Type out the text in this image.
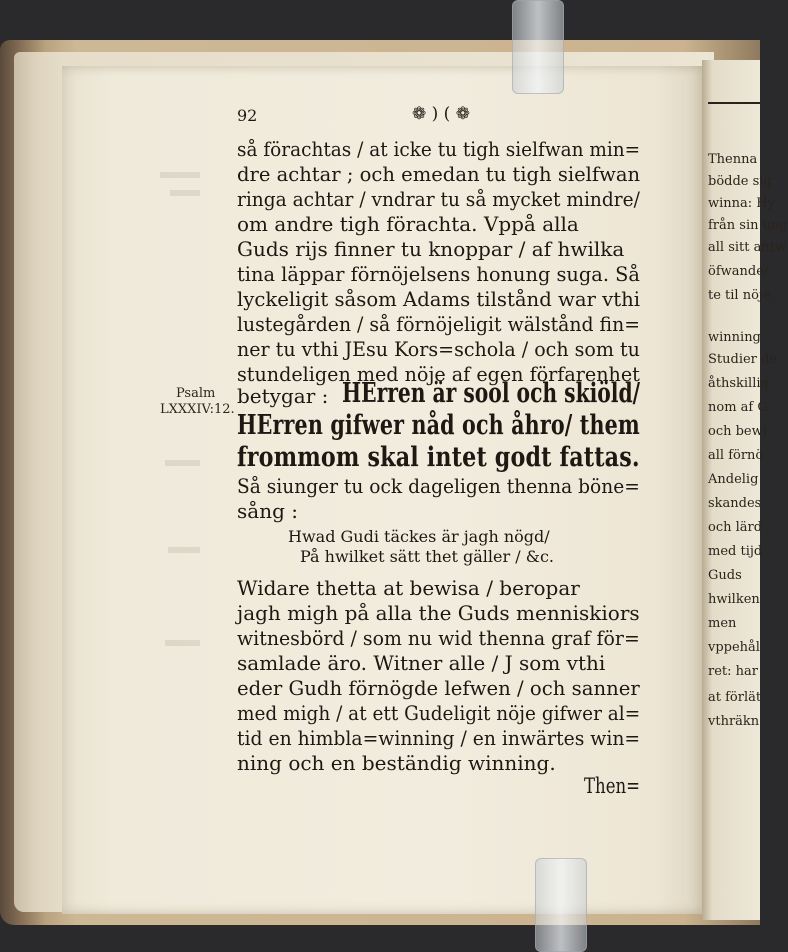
92	❁ ) ( ❁
så förachtas / at icke tu tigh sielfwan min=
dre achtar ; och emedan tu tigh sielfwan
ringa achtar / vndrar tu så mycket mindre/
om andre tigh förachta. Vppå alla
Guds rijs finner tu knoppar / af hwilka
tina läppar förnöjelsens honung suga. Så
lyckeligit såsom Adams tilstånd war vthi
lustegården / så förnöjeligit wälstånd fin=
ner tu vthi JEsu Kors=schola / och som tu
stundeligen med nöje af egen förfarenhet
Psalm
LXXXIV:12.
betygar : HErren är sool och skiöld/
HErren gifwer nåd och åhro/ them
frommom skal intet godt fattas.
Så siunger tu ock dageligen thenna böne=
sång :
Hwad Gudi täckes är jagh nögd/
På hwilket sätt thet gäller / &c.
Widare thetta at bewisa / beropar
jagh migh på alla the Guds menniskiors
witnesbörd / som nu wid thenna graf för=
samlade äro. Witner alle / J som vthi
eder Gudh förnögde lefwen / och sanner
med migh / at ett Gudeligit nöje gifwer al=
tid en himbla=winning / en inwärtes win=
ning och en beständig winning.
Then=
Thenna
bödde sig
winna: Hy
från sin ung
all sitt antw
öfwande/
te til nöje
winning
Studier de
åthskillig
nom af G
och bewi
all förnö
Andelig
skandes
och lärd
med tijd
Guds
hwilken
men
vppehål
ret: har
at förlät
vthräkn
